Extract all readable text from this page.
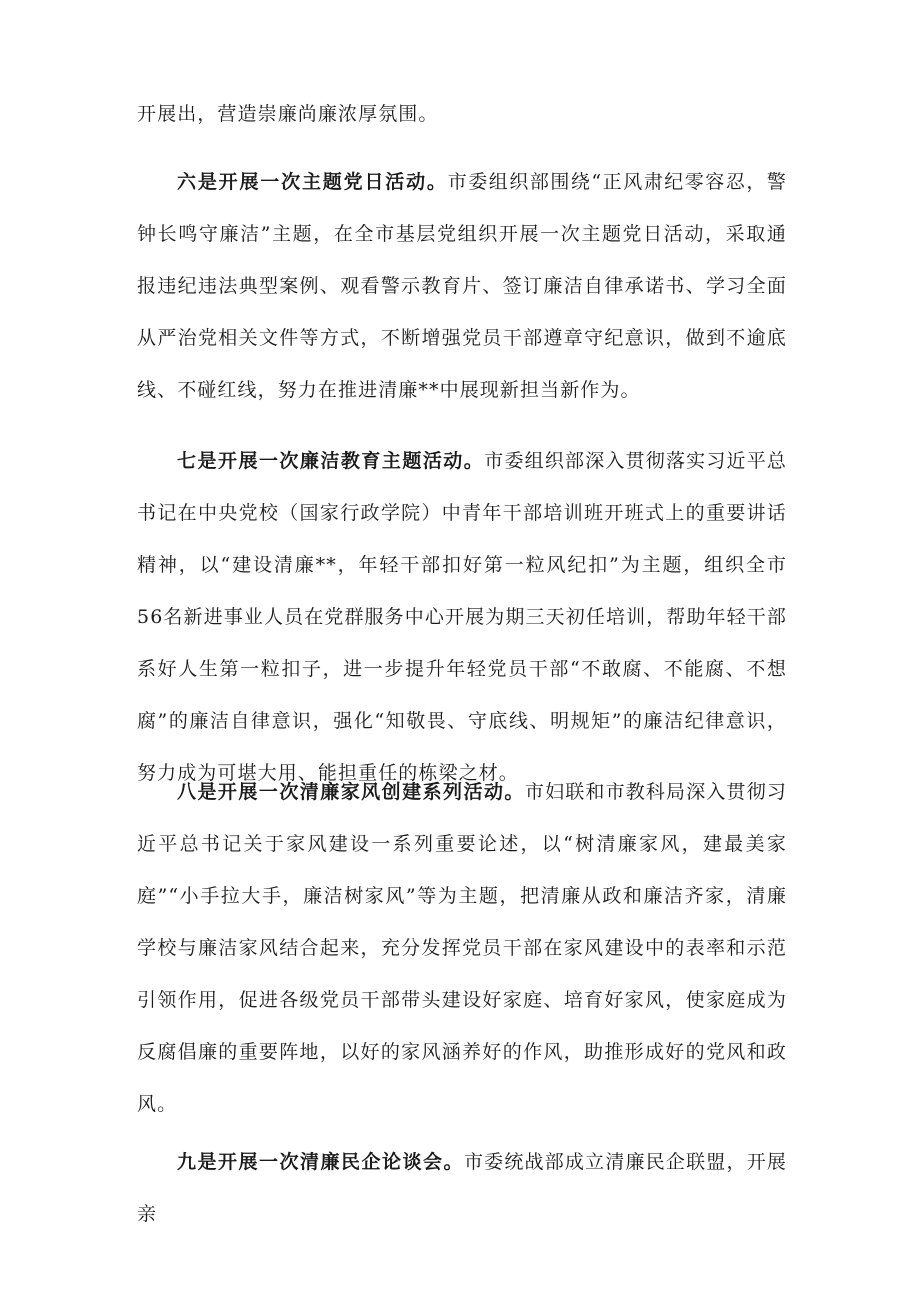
开展出，营造崇廉尚廉浓厚氛围。

六是开展一次主题党日活动。市委组织部围绕“正风肃纪零容忍，警钟长鸣守廉洁”主题，在全市基层党组织开展一次主题党日活动，采取通报违纪违法典型案例、观看警示教育片、签订廉洁自律承诺书、学习全面从严治党相关文件等方式，不断增强党员干部遵章守纪意识，做到不逾底线、不碰红线，努力在推进清廉**中展现新担当新作为。

七是开展一次廉洁教育主题活动。市委组织部深入贯彻落实习近平总书记在中央党校（国家行政学院）中青年干部培训班开班式上的重要讲话精神，以“建设清廉**，年轻干部扣好第一粒风纪扣”为主题，组织全市56名新进事业人员在党群服务中心开展为期三天初任培训，帮助年轻干部系好人生第一粒扣子，进一步提升年轻党员干部“不敢腐、不能腐、不想腐”的廉洁自律意识，强化“知敬畏、守底线、明规矩”的廉洁纪律意识，努力成为可堪大用、能担重任的栋梁之材。

八是开展一次清廉家风创建系列活动。市妇联和市教科局深入贯彻习近平总书记关于家风建设一系列重要论述，以“树清廉家风，建最美家庭”“小手拉大手，廉洁树家风”等为主题，把清廉从政和廉洁齐家，清廉学校与廉洁家风结合起来，充分发挥党员干部在家风建设中的表率和示范引领作用，促进各级党员干部带头建设好家庭、培育好家风，使家庭成为反腐倡廉的重要阵地，以好的家风涵养好的作风，助推形成好的党风和政风。

九是开展一次清廉民企论谈会。市委统战部成立清廉民企联盟，开展亲
